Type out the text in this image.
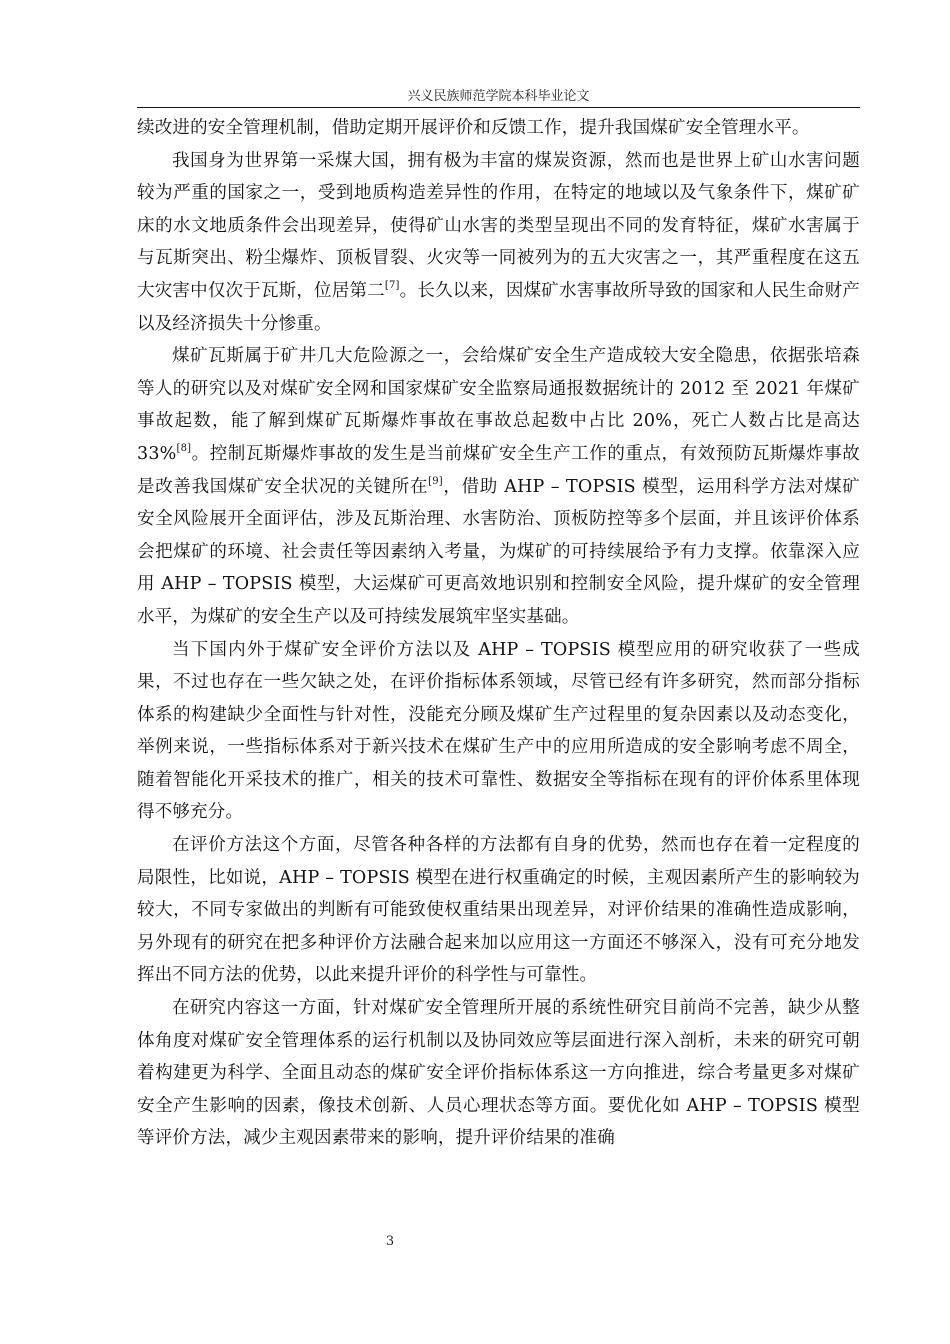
兴义民族师范学院本科毕业论文

续改进的安全管理机制，借助定期开展评价和反馈工作，提升我国煤矿安全管理水平。

我国身为世界第一采煤大国，拥有极为丰富的煤炭资源，然而也是世界上矿山水害问题较为严重的国家之一，受到地质构造差异性的作用，在特定的地域以及气象条件下，煤矿矿床的水文地质条件会出现差异，使得矿山水害的类型呈现出不同的发育特征，煤矿水害属于与瓦斯突出、粉尘爆炸、顶板冒裂、火灾等一同被列为的五大灾害之一，其严重程度在这五大灾害中仅次于瓦斯，位居第二[7]。长久以来，因煤矿水害事故所导致的国家和人民生命财产以及经济损失十分惨重。

煤矿瓦斯属于矿井几大危险源之一，会给煤矿安全生产造成较大安全隐患，依据张培森等人的研究以及对煤矿安全网和国家煤矿安全监察局通报数据统计的 2012 至 2021 年煤矿事故起数，能了解到煤矿瓦斯爆炸事故在事故总起数中占比 20%，死亡人数占比是高达 33%[8]。控制瓦斯爆炸事故的发生是当前煤矿安全生产工作的重点，有效预防瓦斯爆炸事故是改善我国煤矿安全状况的关键所在[9]，借助 AHP – TOPSIS 模型，运用科学方法对煤矿安全风险展开全面评估，涉及瓦斯治理、水害防治、顶板防控等多个层面，并且该评价体系会把煤矿的环境、社会责任等因素纳入考量，为煤矿的可持续展给予有力支撑。依靠深入应用 AHP – TOPSIS 模型，大运煤矿可更高效地识别和控制安全风险，提升煤矿的安全管理水平，为煤矿的安全生产以及可持续发展筑牢坚实基础。

当下国内外于煤矿安全评价方法以及 AHP – TOPSIS 模型应用的研究收获了一些成果，不过也存在一些欠缺之处，在评价指标体系领域，尽管已经有许多研究，然而部分指标体系的构建缺少全面性与针对性，没能充分顾及煤矿生产过程里的复杂因素以及动态变化，举例来说，一些指标体系对于新兴技术在煤矿生产中的应用所造成的安全影响考虑不周全，随着智能化开采技术的推广，相关的技术可靠性、数据安全等指标在现有的评价体系里体现得不够充分。

在评价方法这个方面，尽管各种各样的方法都有自身的优势，然而也存在着一定程度的局限性，比如说，AHP – TOPSIS 模型在进行权重确定的时候，主观因素所产生的影响较为较大，不同专家做出的判断有可能致使权重结果出现差异，对评价结果的准确性造成影响，另外现有的研究在把多种评价方法融合起来加以应用这一方面还不够深入，没有可充分地发挥出不同方法的优势，以此来提升评价的科学性与可靠性。

在研究内容这一方面，针对煤矿安全管理所开展的系统性研究目前尚不完善，缺少从整体角度对煤矿安全管理体系的运行机制以及协同效应等层面进行深入剖析，未来的研究可朝着构建更为科学、全面且动态的煤矿安全评价指标体系这一方向推进，综合考量更多对煤矿安全产生影响的因素，像技术创新、人员心理状态等方面。要优化如 AHP – TOPSIS 模型等评价方法，减少主观因素带来的影响，提升评价结果的准确

3
